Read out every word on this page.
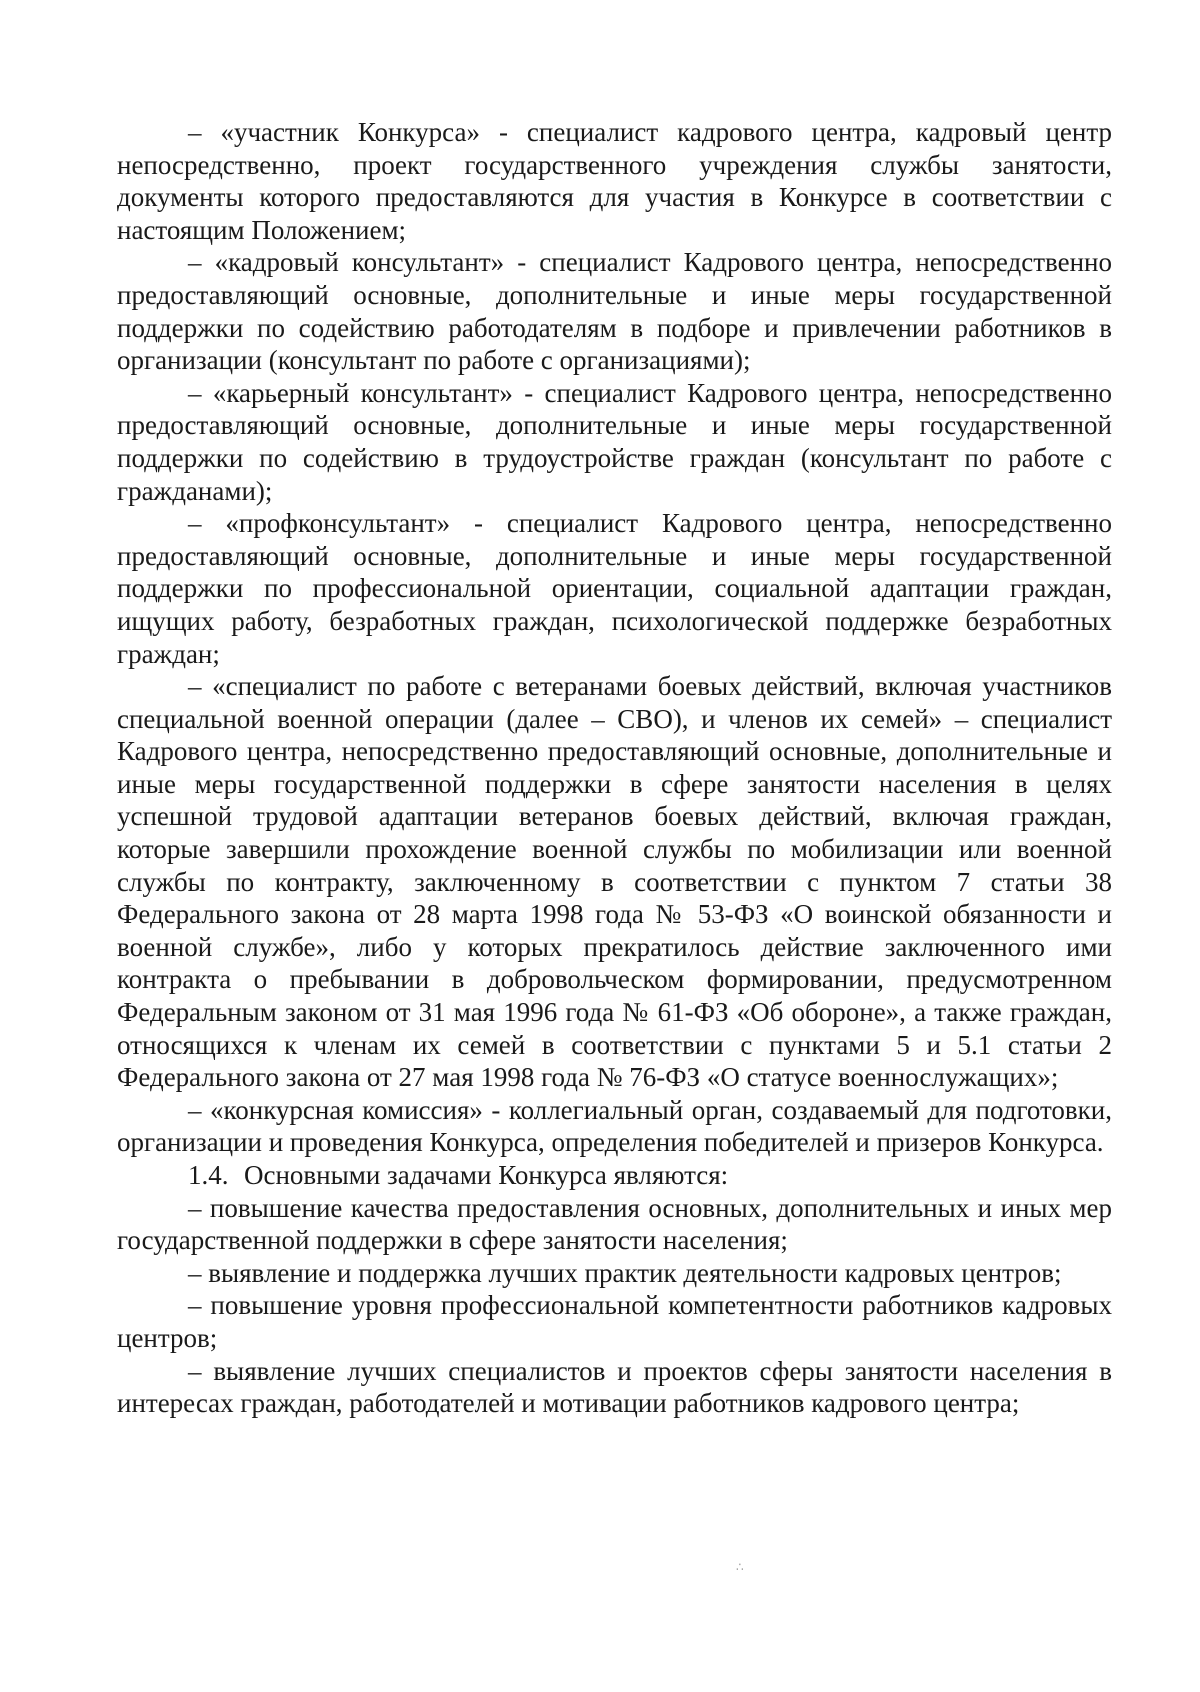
– «участник Конкурса» - специалист кадрового центра, кадровый центр непосредственно, проект государственного учреждения службы занятости, документы которого предоставляются для участия в Конкурсе в соответствии с настоящим Положением;

– «кадровый консультант» - специалист Кадрового центра, непосредственно предоставляющий основные, дополнительные и иные меры государственной поддержки по содействию работодателям в подборе и привлечении работников в организации (консультант по работе с организациями);

– «карьерный консультант» - специалист Кадрового центра, непосредственно предоставляющий основные, дополнительные и иные меры государственной поддержки по содействию в трудоустройстве граждан (консультант по работе с гражданами);

– «профконсультант» - специалист Кадрового центра, непосредственно предоставляющий основные, дополнительные и иные меры государственной поддержки по профессиональной ориентации, социальной адаптации граждан, ищущих работу, безработных граждан, психологической поддержке безработных граждан;

– «специалист по работе с ветеранами боевых действий, включая участников специальной военной операции (далее – СВО), и членов их семей» – специалист Кадрового центра, непосредственно предоставляющий основные, дополнительные и иные меры государственной поддержки в сфере занятости населения в целях успешной трудовой адаптации ветеранов боевых действий, включая граждан, которые завершили прохождение военной службы по мобилизации или военной службы по контракту, заключенному в соответствии с пунктом 7 статьи 38 Федерального закона от 28 марта 1998 года № 53-ФЗ «О воинской обязанности и военной службе», либо у которых прекратилось действие заключенного ими контракта о пребывании в добровольческом формировании, предусмотренном Федеральным законом от 31 мая 1996 года № 61-ФЗ «Об обороне», а также граждан, относящихся к членам их семей в соответствии с пунктами 5 и 5.1 статьи 2 Федерального закона от 27 мая 1998 года № 76-ФЗ «О статусе военнослужащих»;

– «конкурсная комиссия» - коллегиальный орган, создаваемый для подготовки, организации и проведения Конкурса, определения победителей и призеров Конкурса.

1.4. Основными задачами Конкурса являются:

– повышение качества предоставления основных, дополнительных и иных мер государственной поддержки в сфере занятости населения;

– выявление и поддержка лучших практик деятельности кадровых центров;

– повышение уровня профессиональной компетентности работников кадровых центров;

– выявление лучших специалистов и проектов сферы занятости населения в интересах граждан, работодателей и мотивации работников кадрового центра;

∴
